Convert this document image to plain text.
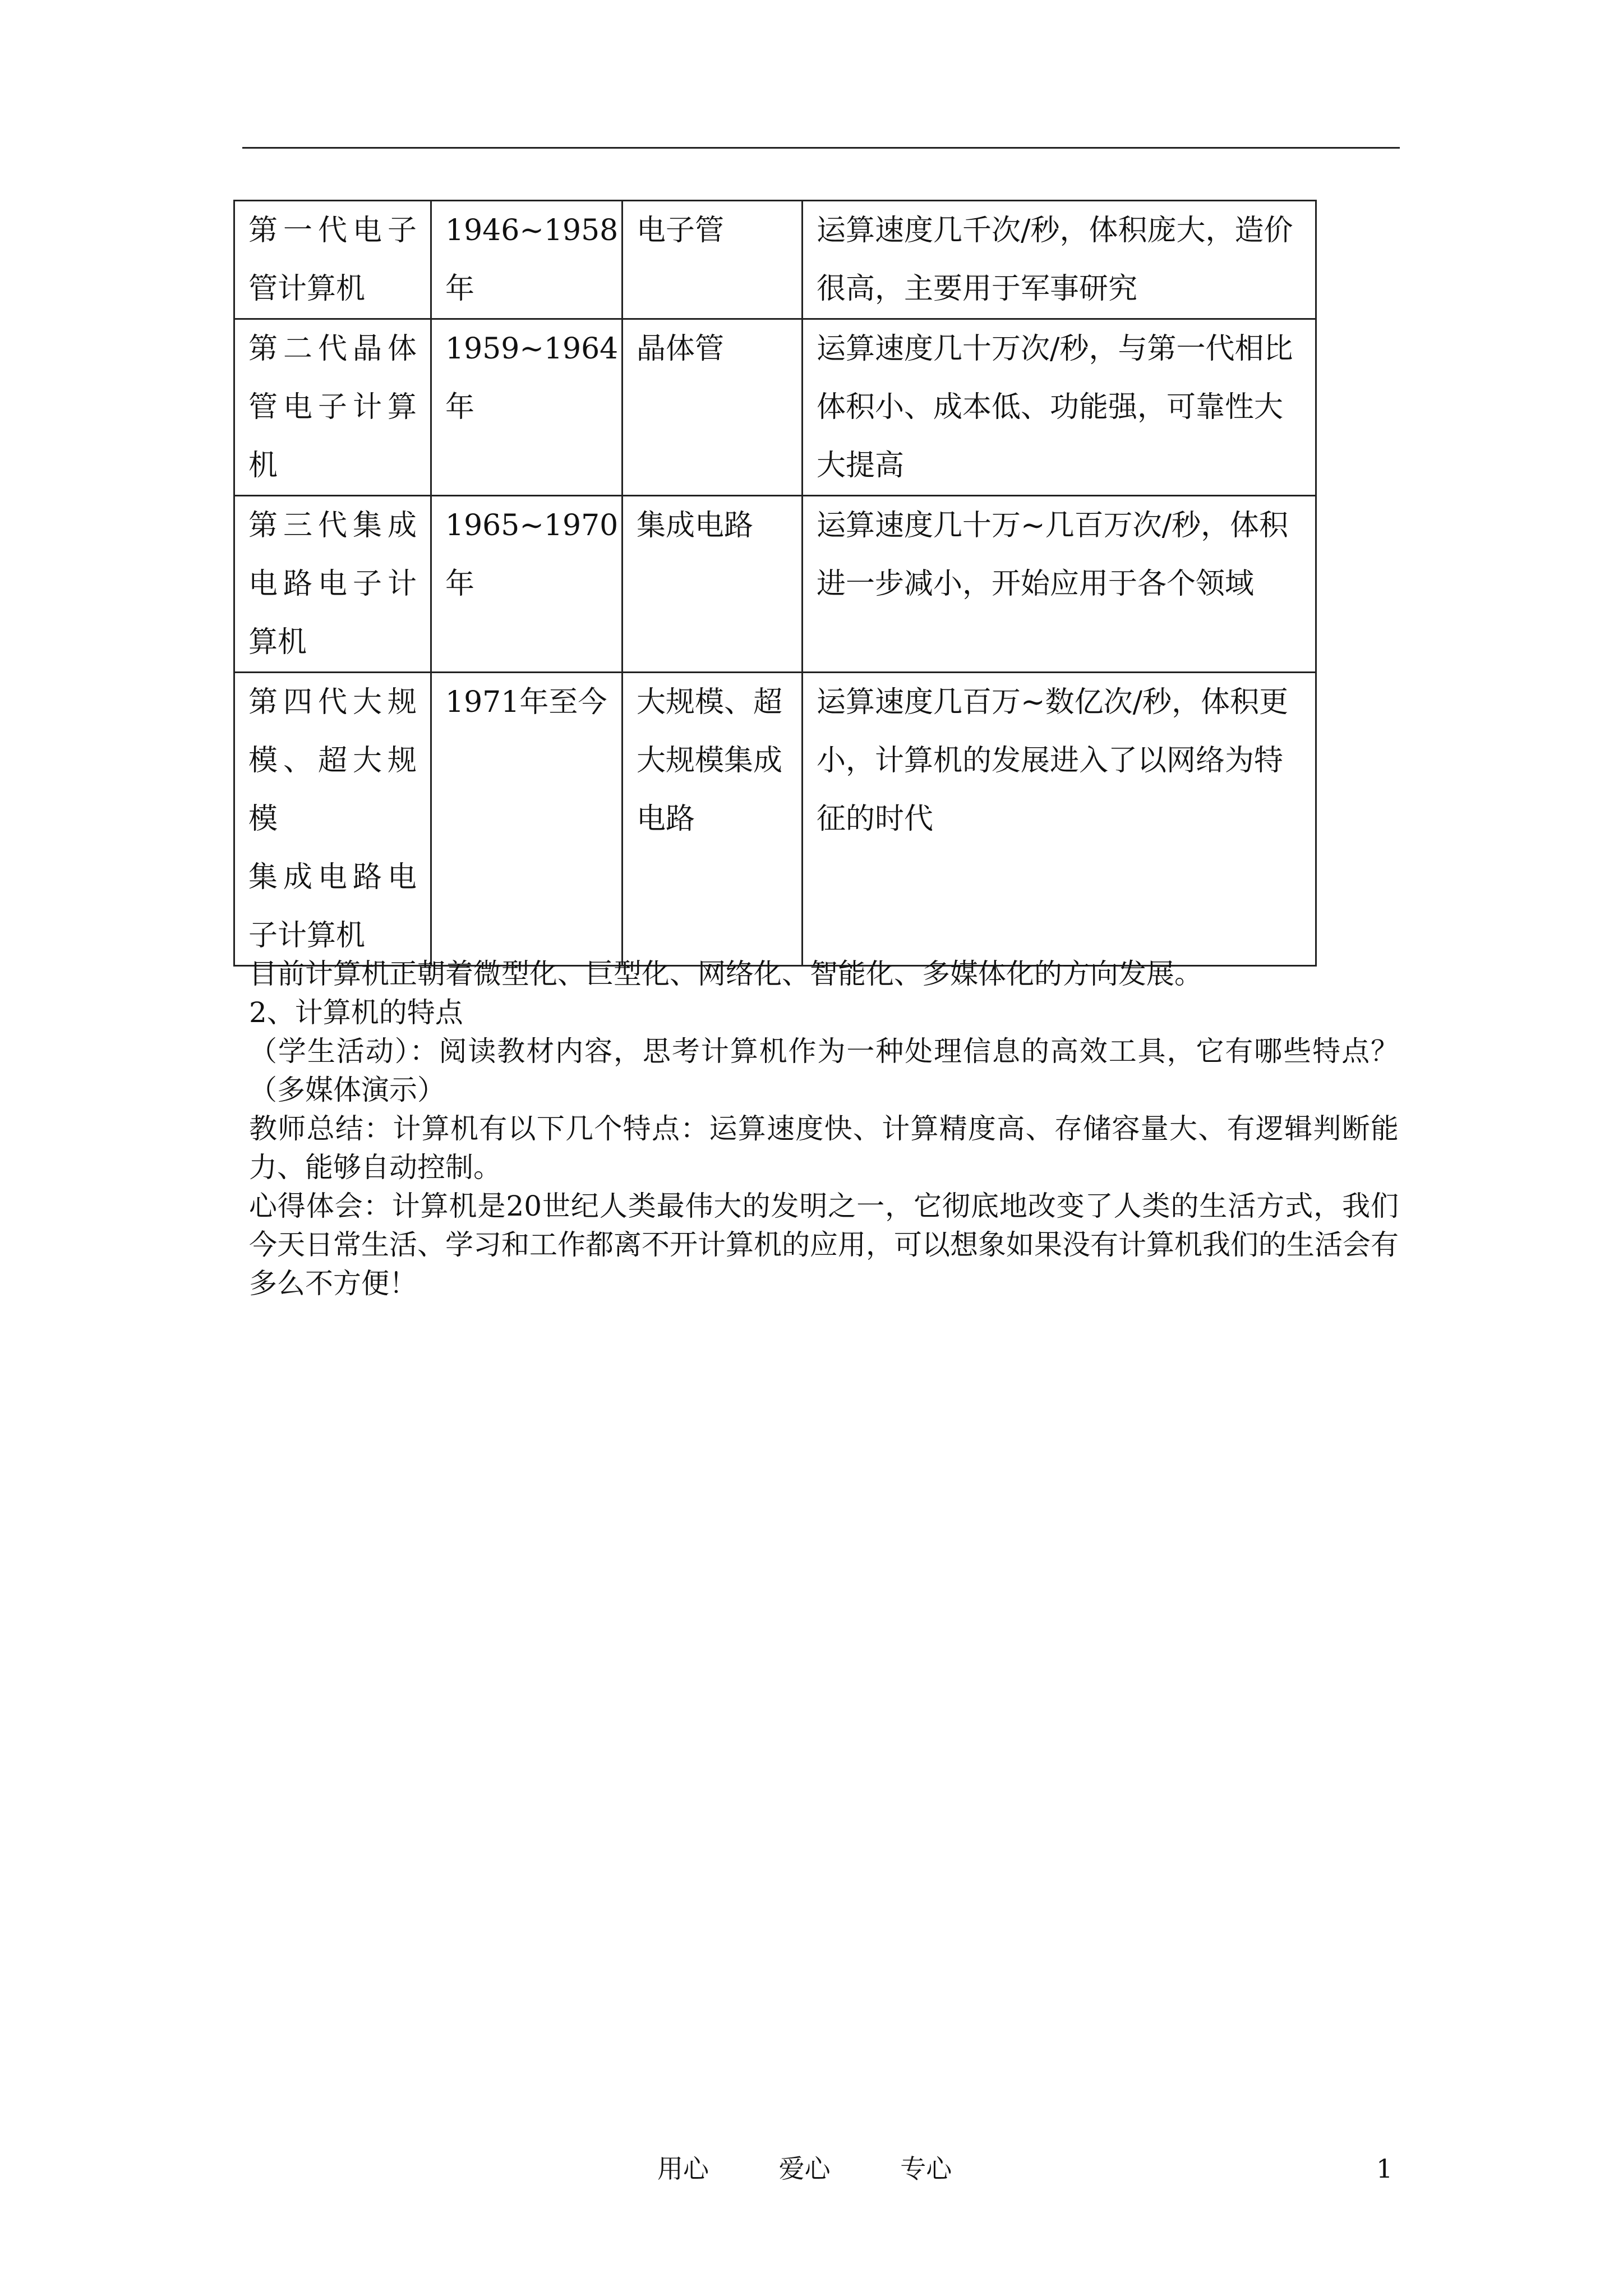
第一代电子
管计算机	1946~1958年	电子管	运算速度几千次/秒，体积庞大，造价很高，主要用于军事研究

第二代晶体
管电子计算
机	1959~1964年	晶体管	运算速度几十万次/秒，与第一代相比体积小、成本低、功能强，可靠性大大提高

第三代集成
电路电子计
算机	1965~1970年	集成电路	运算速度几十万~几百万次/秒，体积进一步减小，开始应用于各个领域

第四代大规
模、超大规模
集成电路电
子计算机	1971年至今	大规模、超大规模集成电路	运算速度几百万~数亿次/秒，体积更小，计算机的发展进入了以网络为特征的时代

目前计算机正朝着微型化、巨型化、网络化、智能化、多媒体化的方向发展。

2、计算机的特点

（学生活动）：阅读教材内容，思考计算机作为一种处理信息的高效工具，它有哪些特点？（多媒体演示）

教师总结：计算机有以下几个特点：运算速度快、计算精度高、存储容量大、有逻辑判断能力、能够自动控制。

心得体会：计算机是20世纪人类最伟大的发明之一，它彻底地改变了人类的生活方式，我们今天日常生活、学习和工作都离不开计算机的应用，可以想象如果没有计算机我们的生活会有多么不方便！

用心	爱心	专心	1
